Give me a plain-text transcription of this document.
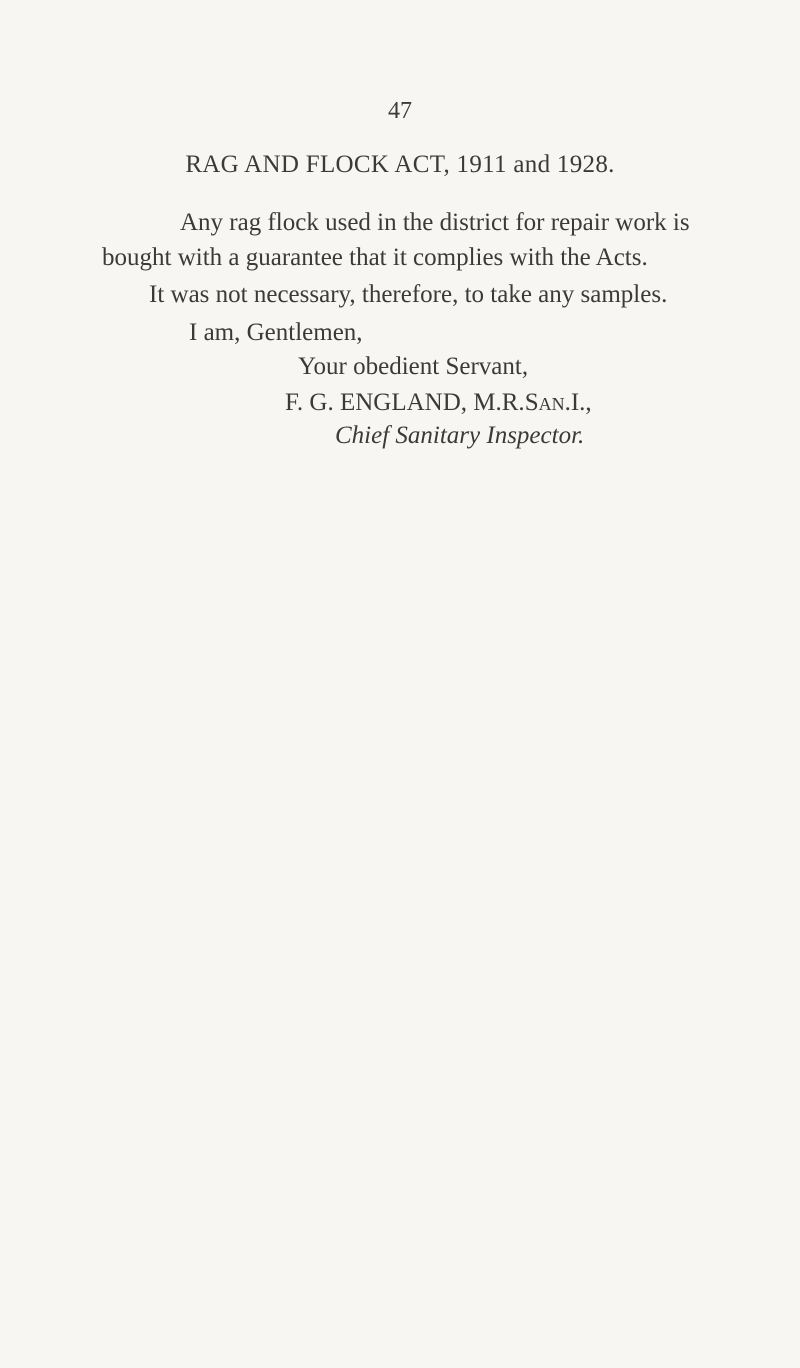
47
RAG AND FLOCK ACT, 1911 and 1928.
Any rag flock used in the district for repair work is
bought with a guarantee that it complies with the Acts.
It was not necessary, therefore, to take any samples.
I am, Gentlemen,
Your obedient Servant,
F. G. ENGLAND, M.R.San.I.,
Chief Sanitary Inspector.
